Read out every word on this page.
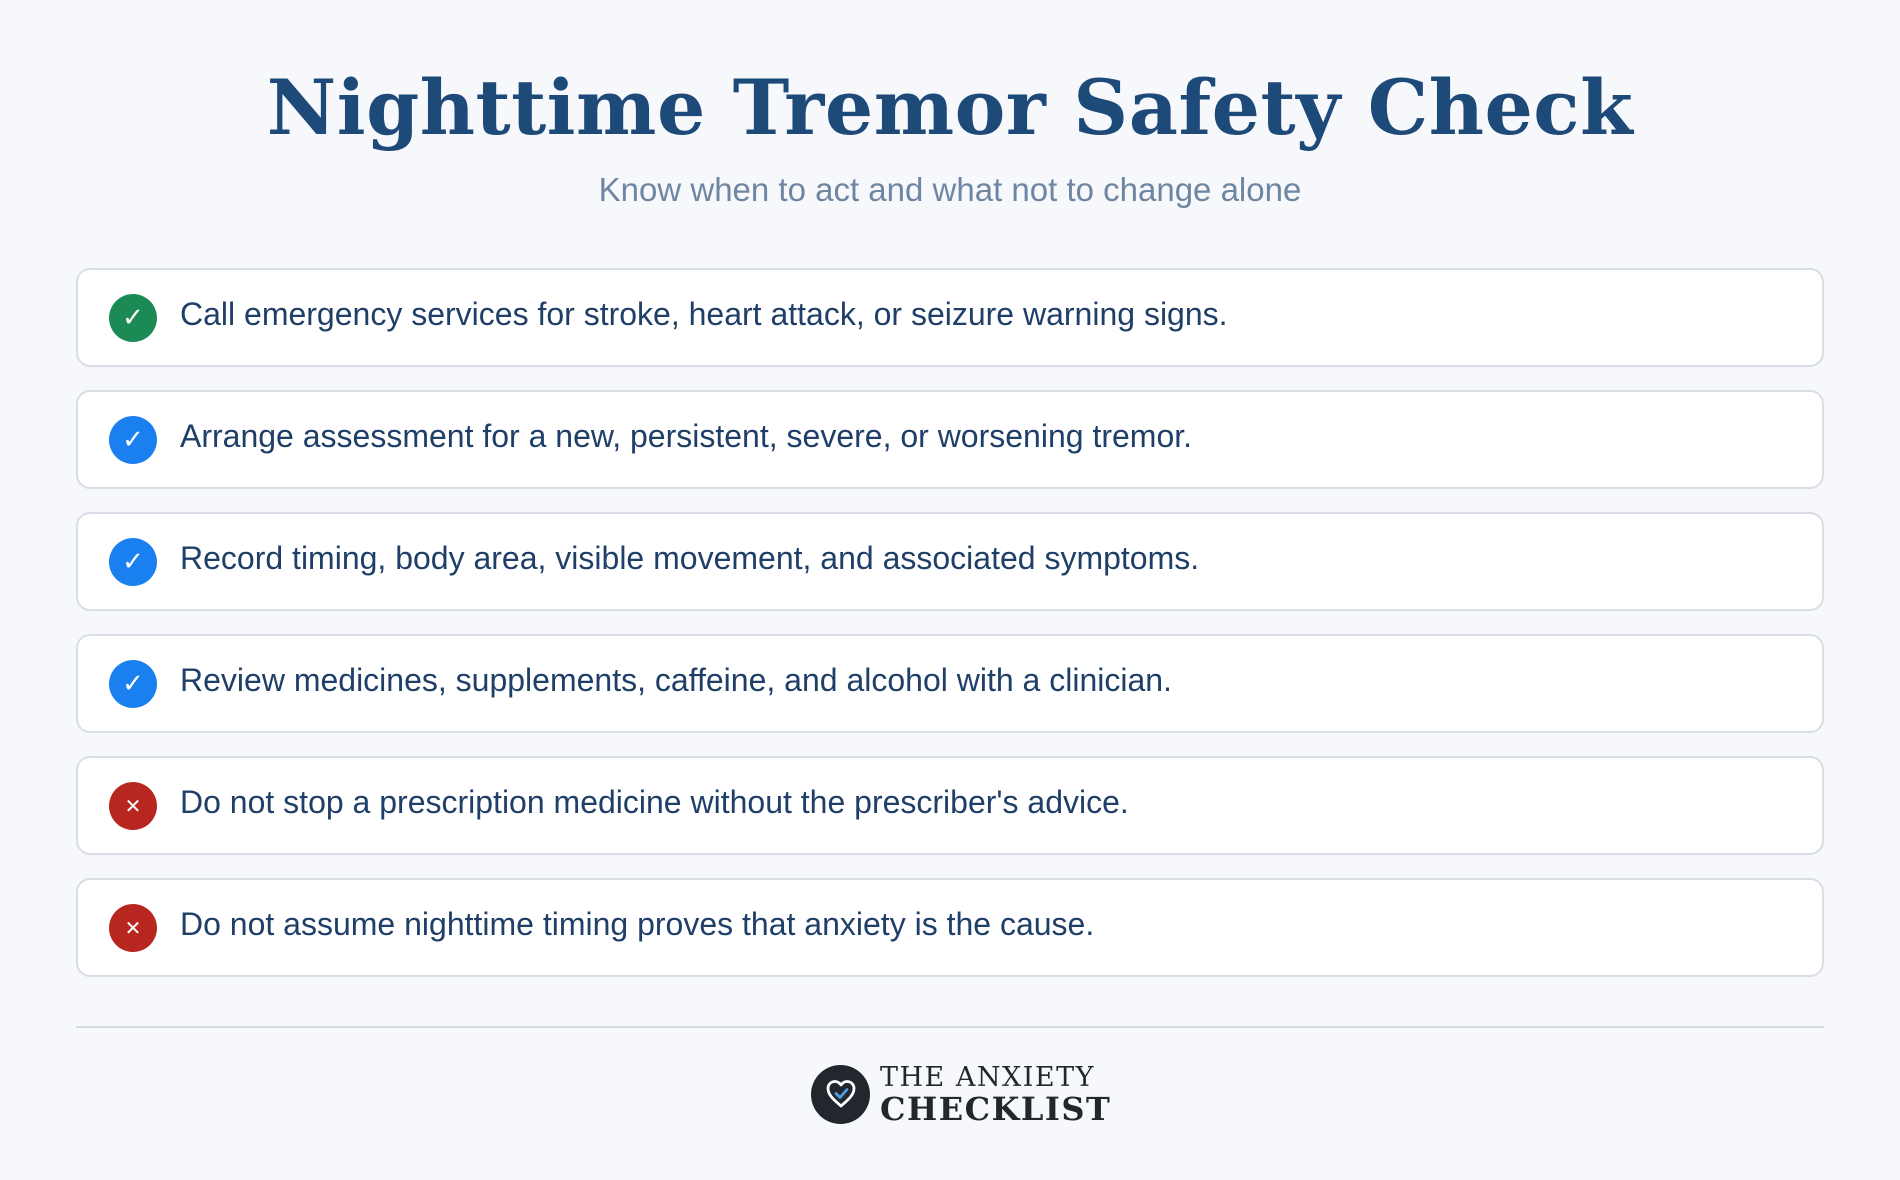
Nighttime Tremor Safety Check
Know when to act and what not to change alone
✓	Call emergency services for stroke, heart attack, or seizure warning signs.
✓	Arrange assessment for a new, persistent, severe, or worsening tremor.
✓	Record timing, body area, visible movement, and associated symptoms.
✓	Review medicines, supplements, caffeine, and alcohol with a clinician.
✕	Do not stop a prescription medicine without the prescriber's advice.
✕	Do not assume nighttime timing proves that anxiety is the cause.
THE ANXIETY
CHECKLIST
